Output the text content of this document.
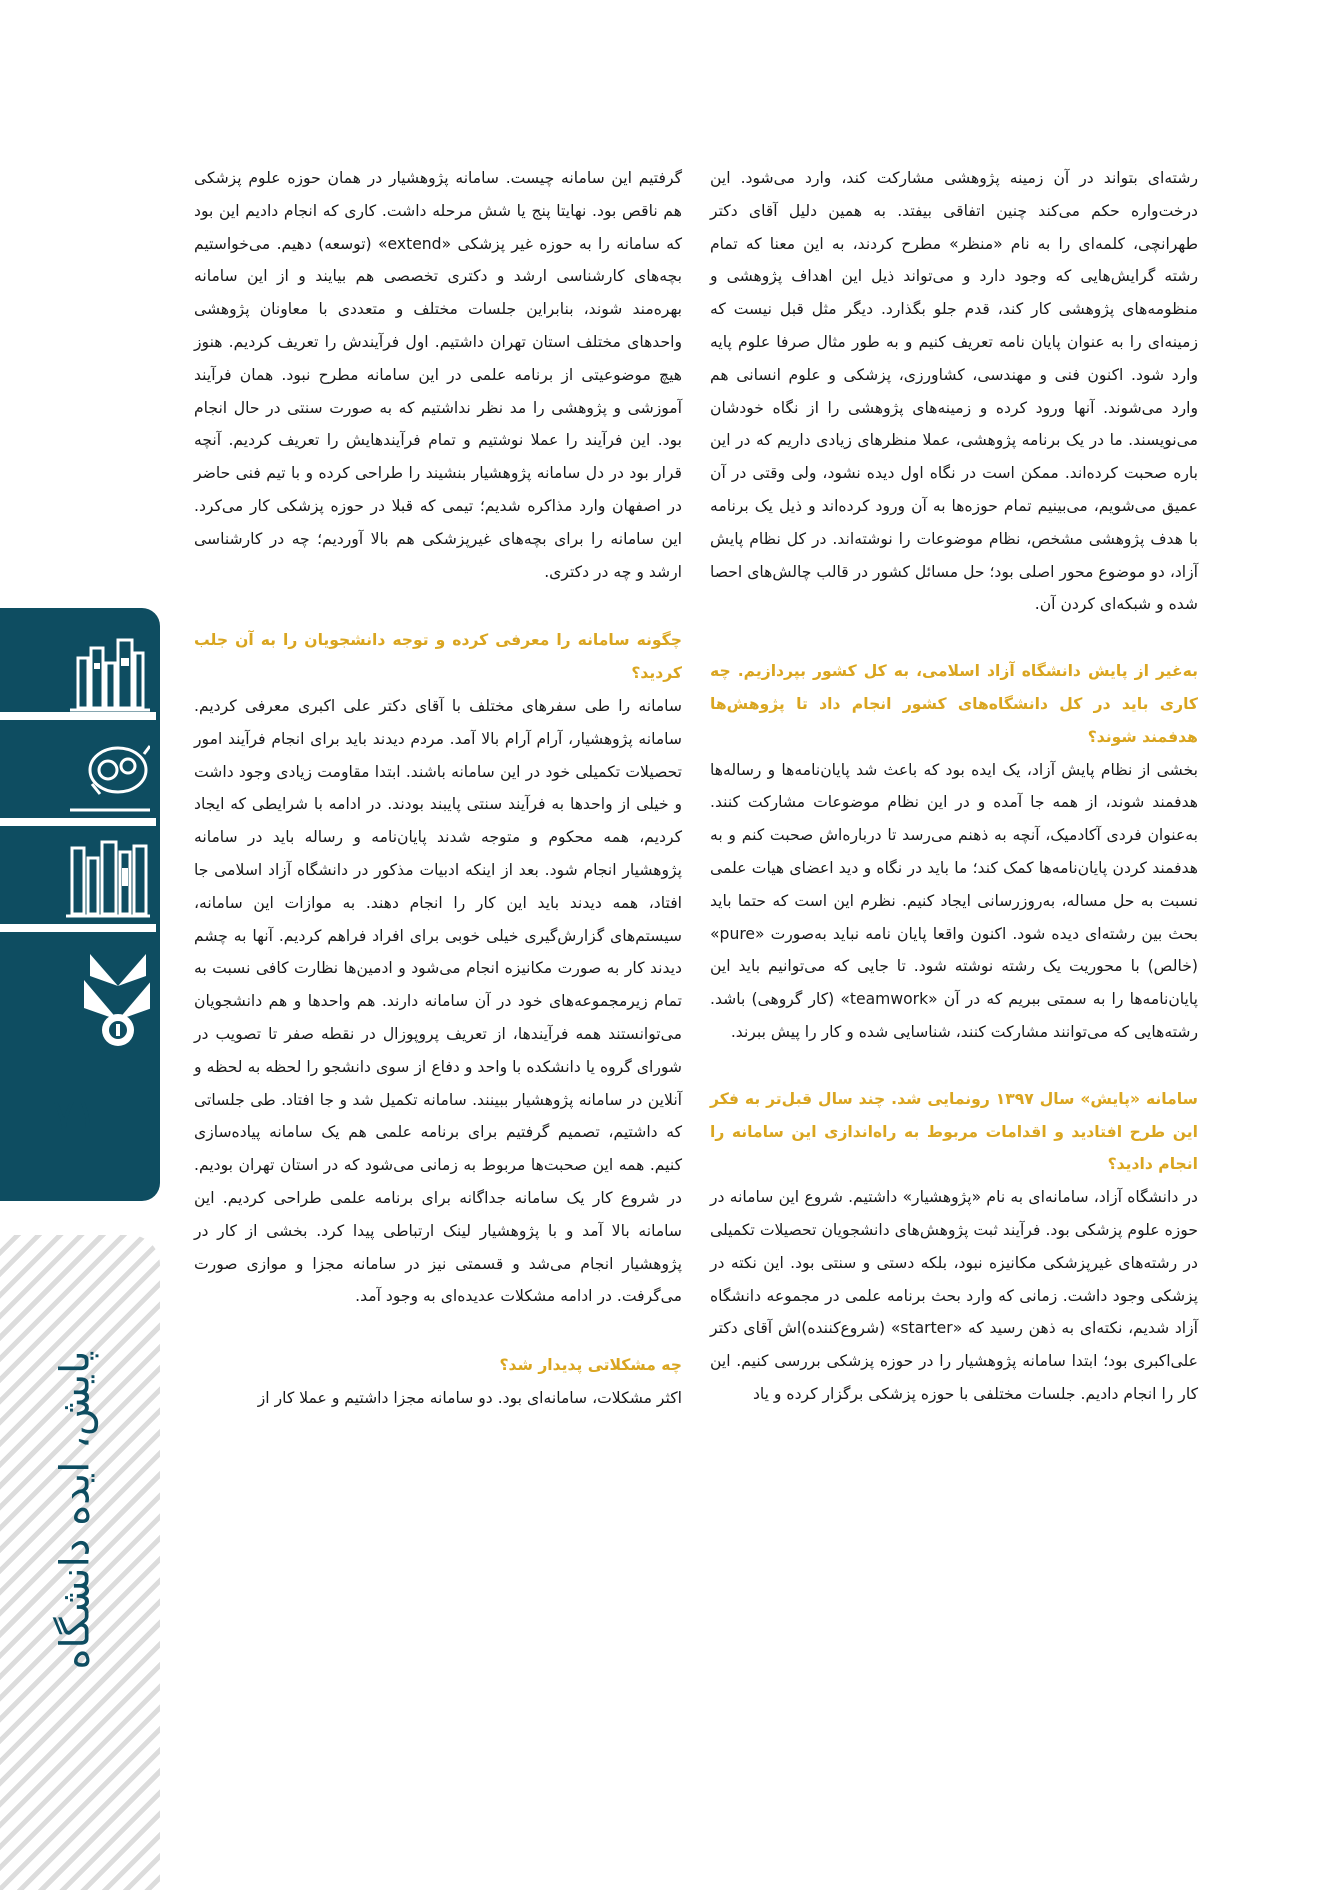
پایش، ایده دانشگاه
۷۱

رشته‌ای بتواند در آن زمینه پژوهشی مشارکت کند، وارد می‌شود. این درخت‌واره حکم می‌کند چنین اتفاقی بیفتد. به همین دلیل آقای دکتر طهرانچی، کلمه‌ای را به نام «منظر» مطرح کردند، به این معنا که تمام رشته گرایش‌هایی که وجود دارد و می‌تواند ذیل این اهداف پژوهشی و منظومه‌های پژوهشی کار کند، قدم جلو بگذارد. دیگر مثل قبل نیست که زمینه‌ای را به عنوان پایان نامه تعریف کنیم و به طور مثال صرفا علوم پایه وارد شود. اکنون فنی و مهندسی، کشاورزی، پزشکی و علوم انسانی هم وارد می‌شوند. آنها ورود کرده و زمینه‌های پژوهشی را از نگاه خودشان می‌نویسند. ما در یک برنامه پژوهشی، عملا منظرهای زیادی داریم که در این باره صحبت کرده‌اند. ممکن است در نگاه اول دیده نشود، ولی وقتی در آن عمیق می‌شویم، می‌بینیم تمام حوزه‌ها به آن ورود کرده‌اند و ذیل یک برنامه با هدف پژوهشی مشخص، نظام موضوعات را نوشته‌اند. در کل نظام پایش آزاد، دو موضوع محور اصلی بود؛ حل مسائل کشور در قالب چالش‌های احصا شده و شبکه‌ای کردن آن.

به‌غیر از پایش دانشگاه آزاد اسلامی، به کل کشور بپردازیم. چه کاری باید در کل دانشگاه‌های کشور انجام داد تا پژوهش‌ها هدفمند شوند؟

بخشی از نظام پایش آزاد، یک ایده بود که باعث شد پایان‌نامه‌ها و رساله‌ها هدفمند شوند، از همه جا آمده و در این نظام موضوعات مشارکت کنند. به‌عنوان فردی آکادمیک، آنچه به ذهنم می‌رسد تا درباره‌اش صحبت کنم و به هدفمند کردن پایان‌نامه‌ها کمک کند؛ ما باید در نگاه و دید اعضای هیات علمی نسبت به حل مساله، به‌روزرسانی ایجاد کنیم. نظرم این است که حتما باید بحث بین رشته‌ای دیده شود. اکنون واقعا پایان نامه نباید به‌صورت «pure» (خالص) با محوریت یک رشته نوشته شود. تا جایی که می‌توانیم باید این پایان‌نامه‌ها را به سمتی ببریم که در آن «teamwork» (کار گروهی) باشد. رشته‌هایی که می‌توانند مشارکت کنند، شناسایی شده و کار را پیش ببرند.

سامانه «پایش» سال ۱۳۹۷ رونمایی شد. چند سال قبل‌تر به فکر این طرح افتادید و اقدامات مربوط به راه‌اندازی این سامانه را انجام دادید؟

در دانشگاه آزاد، سامانه‌ای به نام «پژوهشیار» داشتیم. شروع این سامانه در حوزه علوم پزشکی بود. فرآیند ثبت پژوهش‌های دانشجویان تحصیلات تکمیلی در رشته‌های غیرپزشکی مکانیزه نبود، بلکه دستی و سنتی بود. این نکته در پزشکی وجود داشت. زمانی که وارد بحث برنامه علمی در مجموعه دانشگاه آزاد شدیم، نکته‌ای به ذهن رسید که «starter» (شروع‌کننده)اش آقای دکتر علی‌اکبری بود؛ ابتدا سامانه پژوهشیار را در حوزه پزشکی بررسی کنیم. این کار را انجام دادیم. جلسات مختلفی با حوزه پزشکی برگزار کرده و یاد

گرفتیم این سامانه چیست. سامانه پژوهشیار در همان حوزه علوم پزشکی هم ناقص بود. نهایتا پنج یا شش مرحله داشت. کاری که انجام دادیم این بود که سامانه را به حوزه غیر پزشکی «extend» (توسعه) دهیم. می‌خواستیم بچه‌های کارشناسی ارشد و دکتری تخصصی هم بیایند و از این سامانه بهره‌مند شوند، بنابراین جلسات مختلف و متعددی با معاونان پژوهشی واحدهای مختلف استان تهران داشتیم. اول فرآیندش را تعریف کردیم. هنوز هیچ موضوعیتی از برنامه علمی در این سامانه مطرح نبود. همان فرآیند آموزشی و پژوهشی را مد نظر نداشتیم که به صورت سنتی در حال انجام بود. این فرآیند را عملا نوشتیم و تمام فرآیندهایش را تعریف کردیم. آنچه قرار بود در دل سامانه پژوهشیار بنشیند را طراحی کرده و با تیم فنی حاضر در اصفهان وارد مذاکره شدیم؛ تیمی که قبلا در حوزه پزشکی کار می‌کرد. این سامانه را برای بچه‌های غیرپزشکی هم بالا آوردیم؛ چه در کارشناسی ارشد و چه در دکتری.

چگونه سامانه را معرفی کرده و توجه دانشجویان را به آن جلب کردید؟

سامانه را طی سفرهای مختلف با آقای دکتر علی اکبری معرفی کردیم. سامانه پژوهشیار، آرام آرام بالا آمد. مردم دیدند باید برای انجام فرآیند امور تحصیلات تکمیلی خود در این سامانه باشند. ابتدا مقاومت زیادی وجود داشت و خیلی از واحدها به فرآیند سنتی پایبند بودند. در ادامه با شرایطی که ایجاد کردیم، همه محکوم و متوجه شدند پایان‌نامه و رساله باید در سامانه پژوهشیار انجام شود. بعد از اینکه ادبیات مذکور در دانشگاه آزاد اسلامی جا افتاد، همه دیدند باید این کار را انجام دهند. به موازات این سامانه، سیستم‌های گزارش‌گیری خیلی خوبی برای افراد فراهم کردیم. آنها به چشم دیدند کار به صورت مکانیزه انجام می‌شود و ادمین‌ها نظارت کافی نسبت به تمام زیرمجموعه‌های خود در آن سامانه دارند. هم واحدها و هم دانشجویان می‌توانستند همه فرآیندها، از تعریف پروپوزال در نقطه صفر تا تصویب در شورای گروه یا دانشکده با واحد و دفاع از سوی دانشجو را لحظه به لحظه و آنلاین در سامانه پژوهشیار ببینند. سامانه تکمیل شد و جا افتاد. طی جلساتی که داشتیم، تصمیم گرفتیم برای برنامه علمی هم یک سامانه پیاده‌سازی کنیم. همه این صحبت‌ها مربوط به زمانی می‌شود که در استان تهران بودیم. در شروع کار یک سامانه جداگانه برای برنامه علمی طراحی کردیم. این سامانه بالا آمد و با پژوهشیار لینک ارتباطی پیدا کرد. بخشی از کار در پژوهشیار انجام می‌شد و قسمتی نیز در سامانه مجزا و موازی صورت می‌گرفت. در ادامه مشکلات عدیده‌ای به وجود آمد.

چه مشکلاتی پدیدار شد؟

اکثر مشکلات، سامانه‌ای بود. دو سامانه مجزا داشتیم و عملا کار از
